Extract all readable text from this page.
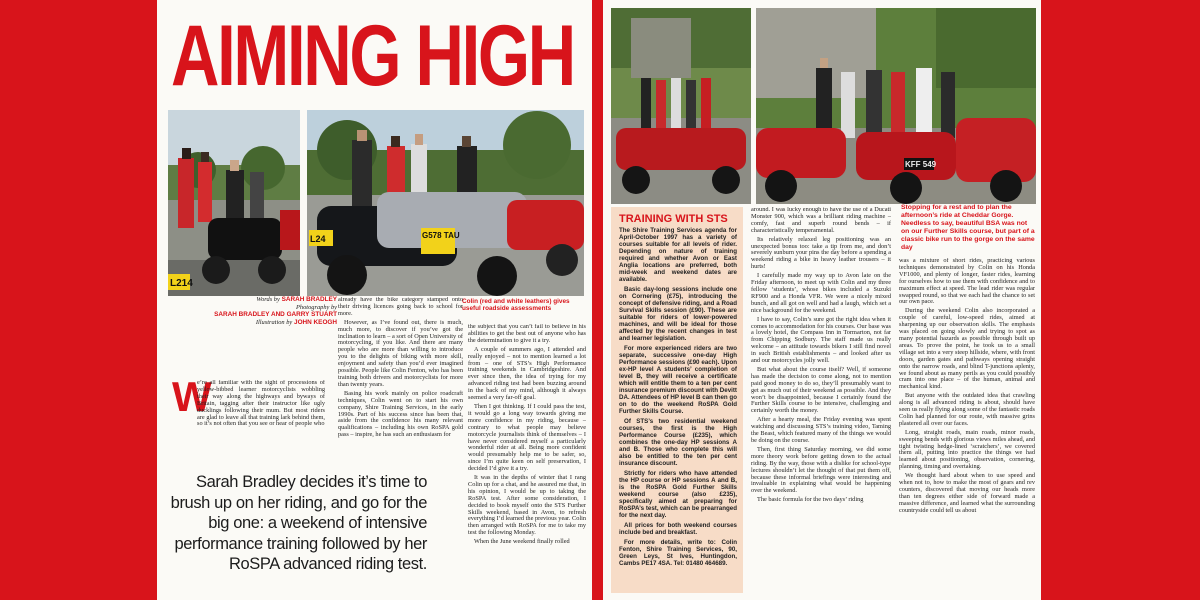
AIMING HIGH
L214
L24	G578 TAU
Colin (red and white leathers) gives useful roadside assessments
Words by SARAH BRADLEY
Photography by
SARAH BRADLEY AND GARRY STUART
Illustration by JOHN KEOGH
W

e’re all familiar with the sight of processions of yellow-bibbed learner motorcyclists wobbling their way along the highways and byways of Britain, tagging after their instructor like ugly ducklings following their mum. But most riders are glad to leave all that training lark behind them, so it’s not often that you see or hear of people who

already have the bike category stamped onto their driving licences going back to school for more.

However, as I’ve found out, there is much, much more, to discover if you’ve got the inclination to learn – a sort of Open University of motorcycling, if you like. And there are many people who are more than willing to introduce you to the delights of biking with more skill, enjoyment and safety than you’d ever imagined possible. People like Colin Fenton, who has been training both drivers and motorcyclists for more than twenty years.

Basing his work mainly on police roadcraft techniques, Colin went on to start his own company, Shire Training Services, in the early 1990s. Part of his success since has been that, aside from the confidence his many relevant qualifications – including his own RoSPA gold pass – inspire, he has such an enthusiasm for

the subject that you can’t fail to believe in his abilities to get the best out of anyone who has the determination to give it a try.

A couple of summers ago, I attended and really enjoyed – not to mention learned a lot from – one of STS’s High Performance training weekends in Cambridgeshire. And ever since then, the idea of trying for my advanced riding test had been buzzing around in the back of my mind, although it always seemed a very far-off goal.

Then I got thinking. If I could pass the test, it would go a long way towards giving me more confidence in my riding, because – contrary to what people may believe motorcycle journalists think of themselves – I have never considered myself a particularly wonderful rider at all. Being more confident would presumably help me to be safer, so, since I’m quite keen on self preservation, I decided I’d give it a try.

It was in the depths of winter that I rang Colin up for a chat, and he assured me that, in his opinion, I would be up to taking the RoSPA test. After some consideration, I decided to book myself onto the STS Further Skills weekend, based in Avon, to refresh everything I’d learned the previous year. Colin then arranged with RoSPA for me to take my test the following Monday.

When the June weekend finally rolled

Sarah Bradley decides it’s time to brush up on her riding, and go for the big one: a weekend of intensive performance training followed by her RoSPA advanced riding test.
KFF 549
TRAINING WITH STS

The Shire Training Services agenda for April-October 1997 has a variety of courses suitable for all levels of rider. Depending on nature of training required and whether Avon or East Anglia locations are preferred, both mid-week and weekend dates are available.

Basic day-long sessions include one on Cornering (£75), introducing the concept of defensive riding, and a Road Survival Skills session (£90). These are suitable for riders of lower-powered machines, and will be ideal for those affected by the recent changes in test and learner legislation.

For more experienced riders are two separate, successive one-day High Performance sessions (£90 each). Upon ex-HP level A students’ completion of level B, they will receive a certificate which will entitle them to a ten per cent insurance premium discount with Devitt DA. Attendees of HP level B can then go on to do the weekend RoSPA Gold Further Skills Course.

Of STS’s two residential weekend courses, the first is the High Performance Course (£235), which combines the one-day HP sessions A and B. Those who complete this will also be entitled to the ten per cent insurance discount.

Strictly for riders who have attended the HP course or HP sessions A and B, is the RoSPA Gold Further Skills weekend course (also £235), specifically aimed at preparing for RoSPA’s test, which can be prearranged for the next day.

All prices for both weekend courses include bed and breakfast.

For more details, write to: Colin Fenton, Shire Training Services, 90, Green Leys, St Ives, Huntingdon, Cambs PE17 4SA. Tel: 01480 464689.

around. I was lucky enough to have the use of a Ducati Monster 900, which was a brilliant riding machine – comfy, fast and superb round bends – if characteristically temperamental.

Its relatively relaxed leg positioning was an unexpected bonus too: take a tip from me, and don’t severely sunburn your pins the day before a spending a weekend riding a bike in heavy leather trousers – it hurts!

I carefully made my way up to Avon late on the Friday afternoon, to meet up with Colin and my three fellow ‘students’, whose bikes included a Suzuki RF900 and a Honda VFR. We were a nicely mixed bunch, and all got on well and had a laugh, which set a nice background for the weekend.

I have to say, Colin’s sure got the right idea when it comes to accommodation for his courses. Our base was a lovely hotel, the Compass Inn in Tormarton, not far from Chipping Sodbury. The staff made us really welcome – an attitude towards bikers I still find novel in such British establishments – and looked after us and our motorcycles jolly well.

But what about the course itself? Well, if someone has made the decision to come along, not to mention paid good money to do so, they’ll presumably want to get as much out of their weekend as possible. And they won’t be disappointed, because I certainly found the Further Skills course to be intensive, challenging and certainly worth the money.

After a hearty meal, the Friday evening was spent watching and discussing STS’s training video, Taming the Beast, which featured many of the things we would be doing on the course.

Then, first thing Saturday morning, we did some more theory work before getting down to the actual riding. By the way, those with a dislike for school-type lectures shouldn’t let the thought of that put them off, because these informal briefings were interesting and invaluable in explaining what would be happening over the weekend.

The basic formula for the two days’ riding

Stopping for a rest and to plan the afternoon’s ride at Cheddar Gorge. Needless to say, beautiful BSA was not on our Further Skills course, but part of a classic bike run to the gorge on the same day

was a mixture of short rides, practicing various techniques demonstrated by Colin on his Honda VF1000, and plenty of longer, faster rides, learning for ourselves how to use them with confidence and to maximum effect at speed. The lead rider was regular swapped round, so that we each had the chance to set our own pace.

During the weekend Colin also incorporated a couple of careful, low-speed rides, aimed at sharpening up our observation skills. The emphasis was placed on going slowly and trying to spot as many potential hazards as possible through built up areas. To prove the point, he took us to a small village set into a very steep hillside, where, with front doors, garden gates and pathways opening straight onto the narrow roads, and blind T-junctions aplenty, we found about as many perils as you could possibly cram into one place – of the human, animal and mechanical kind.

But anyone with the outdated idea that crawling along is all advanced riding is about, should have seen us really flying along some of the fantastic roads Colin had planned for our route, with massive grins plastered all over our faces.

Long, straight roads, main roads, minor roads, sweeping bends with glorious views miles ahead, and tight twisting hedge-lined ‘scratchers’, we covered them all, putting into practice the things we had learned about positioning, observation, cornering, planning, timing and overtaking.

We thought hard about when to use speed and when not to, how to make the most of gears and rev counters, discovered that moving our heads more than ten degrees either side of forward made a massive difference, and learned what the surrounding countryside could tell us about
